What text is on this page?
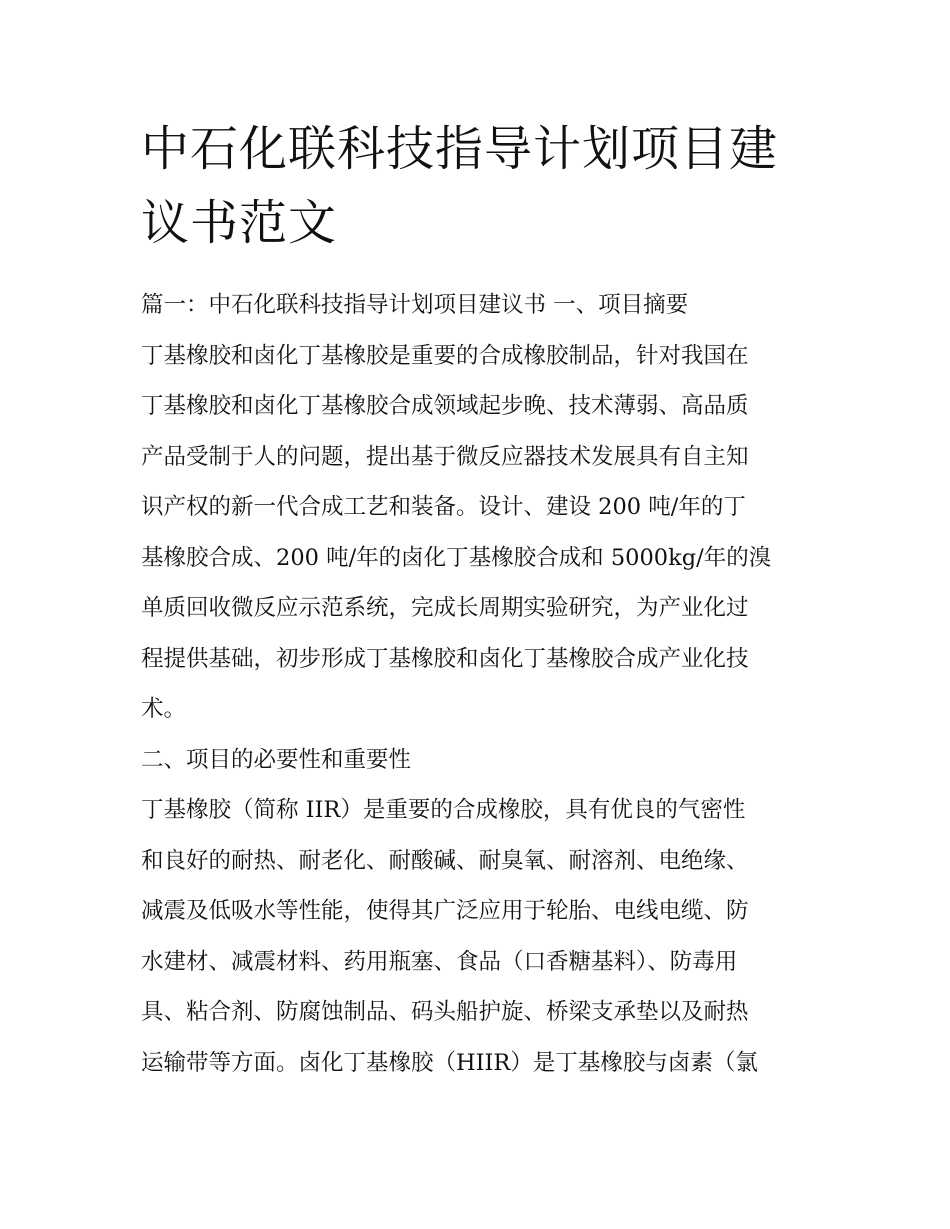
中石化联科技指导计划项目建
议书范文
篇一：中石化联科技指导计划项目建议书 一、项目摘要
丁基橡胶和卤化丁基橡胶是重要的合成橡胶制品，针对我国在
丁基橡胶和卤化丁基橡胶合成领域起步晚、技术薄弱、高品质
产品受制于人的问题，提出基于微反应器技术发展具有自主知
识产权的新一代合成工艺和装备。设计、建设 200 吨/年的丁
基橡胶合成、200 吨/年的卤化丁基橡胶合成和 5000kg/年的溴
单质回收微反应示范系统，完成长周期实验研究，为产业化过
程提供基础，初步形成丁基橡胶和卤化丁基橡胶合成产业化技
术。
二、项目的必要性和重要性
丁基橡胶（简称 IIR）是重要的合成橡胶，具有优良的气密性
和良好的耐热、耐老化、耐酸碱、耐臭氧、耐溶剂、电绝缘、
减震及低吸水等性能，使得其广泛应用于轮胎、电线电缆、防
水建材、减震材料、药用瓶塞、食品（口香糖基料）、防毒用
具、粘合剂、防腐蚀制品、码头船护旋、桥梁支承垫以及耐热
运输带等方面。卤化丁基橡胶（HIIR）是丁基橡胶与卤素（氯
